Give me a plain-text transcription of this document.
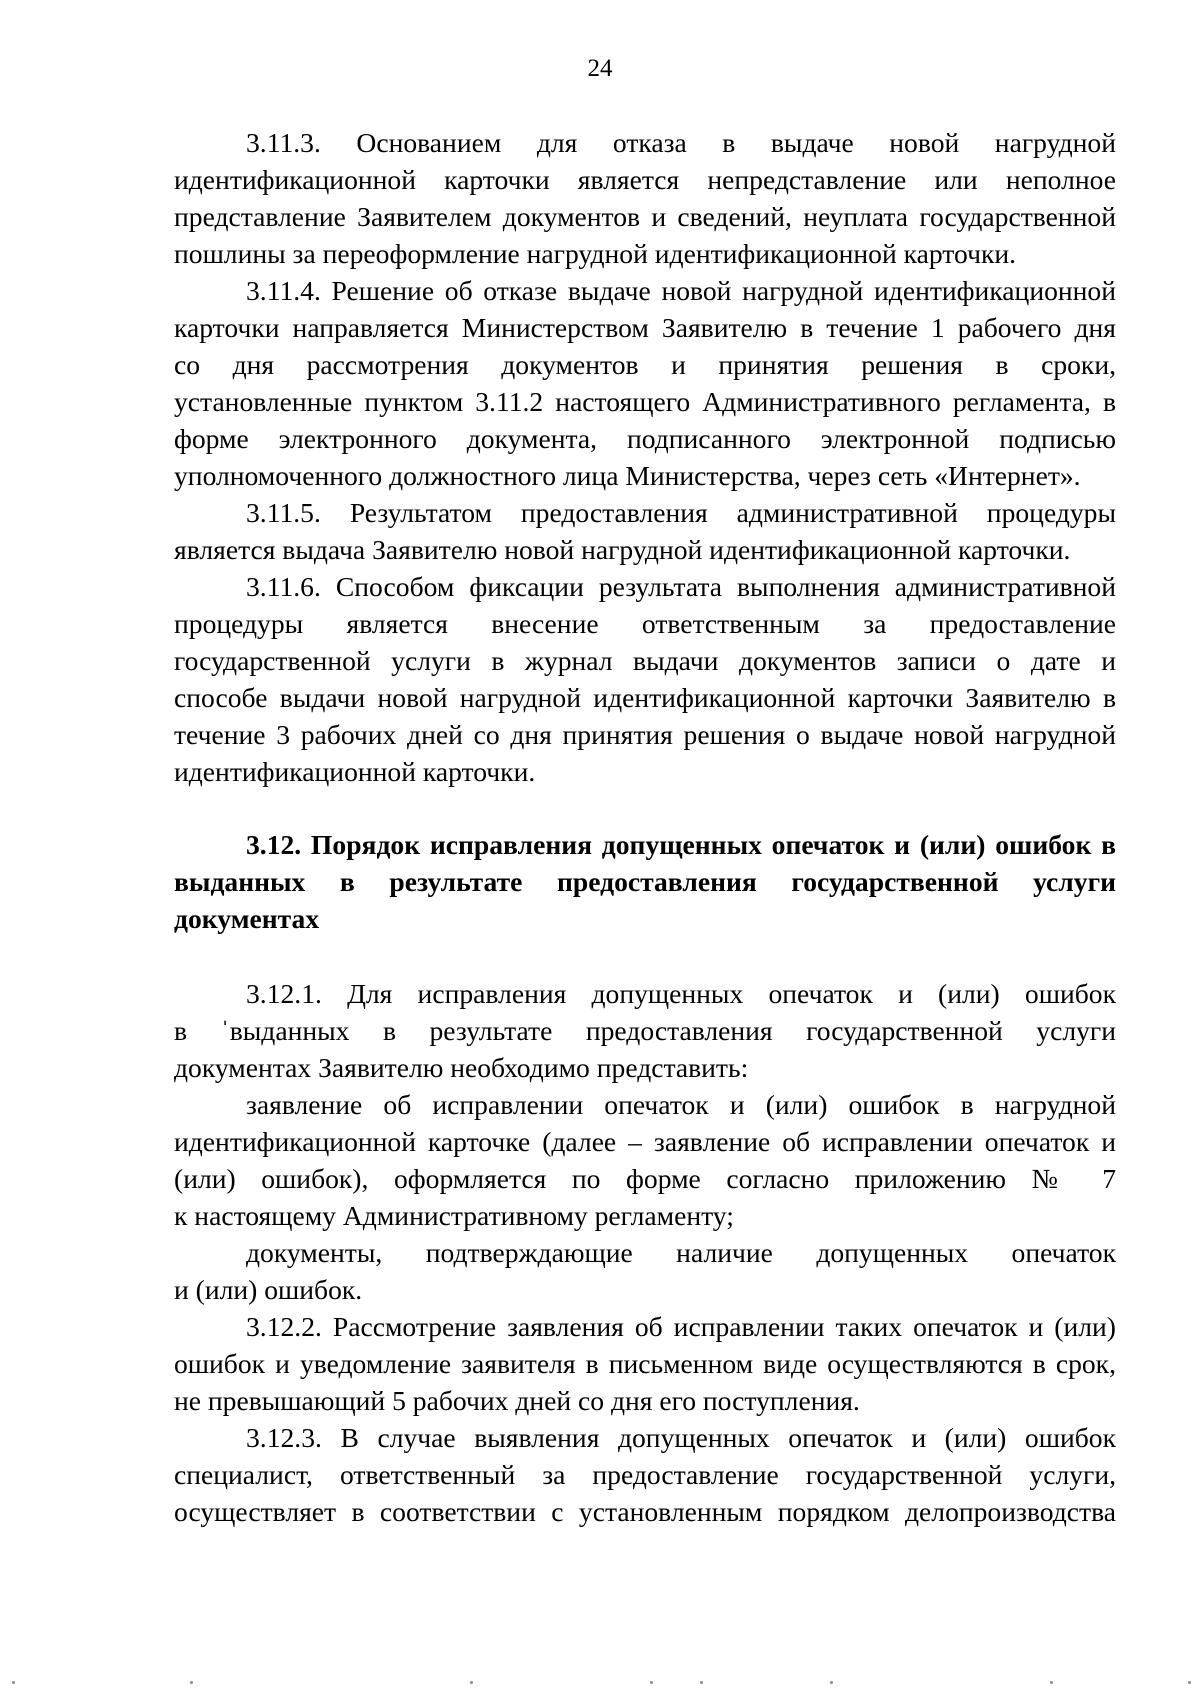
24
3.11.3. Основанием для отказа в выдаче новой нагрудной
идентификационной карточки является непредставление или неполное
представление Заявителем документов и сведений, неуплата государственной
пошлины за переоформление нагрудной идентификационной карточки.
3.11.4. Решение об отказе выдаче новой нагрудной идентификационной
карточки направляется Министерством Заявителю в течение 1 рабочего дня
со дня рассмотрения документов и принятия решения в сроки,
установленные пунктом 3.11.2 настоящего Административного регламента, в
форме электронного документа, подписанного электронной подписью
уполномоченного должностного лица Министерства, через сеть «Интернет».
3.11.5. Результатом предоставления административной процедуры
является выдача Заявителю новой нагрудной идентификационной карточки.
3.11.6. Способом фиксации результата выполнения административной
процедуры является внесение ответственным за предоставление
государственной услуги в журнал выдачи документов записи о дате и
способе выдачи новой нагрудной идентификационной карточки Заявителю в
течение 3 рабочих дней со дня принятия решения о выдаче новой нагрудной
идентификационной карточки.
3.12. Порядок исправления допущенных опечаток и (или) ошибок в
выданных в результате предоставления государственной услуги
документах
3.12.1. Для исправления допущенных опечаток и (или) ошибок
в ˈвыданных в результате предоставления государственной услуги
документах Заявителю необходимо представить:
заявление об исправлении опечаток и (или) ошибок в нагрудной
идентификационной карточке (далее – заявление об исправлении опечаток и
(или) ошибок), оформляется по форме согласно приложению № 7
к настоящему Административному регламенту;
документы, подтверждающие наличие допущенных опечаток
и (или) ошибок.
3.12.2. Рассмотрение заявления об исправлении таких опечаток и (или)
ошибок и уведомление заявителя в письменном виде осуществляются в срок,
не превышающий 5 рабочих дней со дня его поступления.
3.12.3. В случае выявления допущенных опечаток и (или) ошибок
специалист, ответственный за предоставление государственной услуги,
осуществляет в соответствии с установленным порядком делопроизводства
